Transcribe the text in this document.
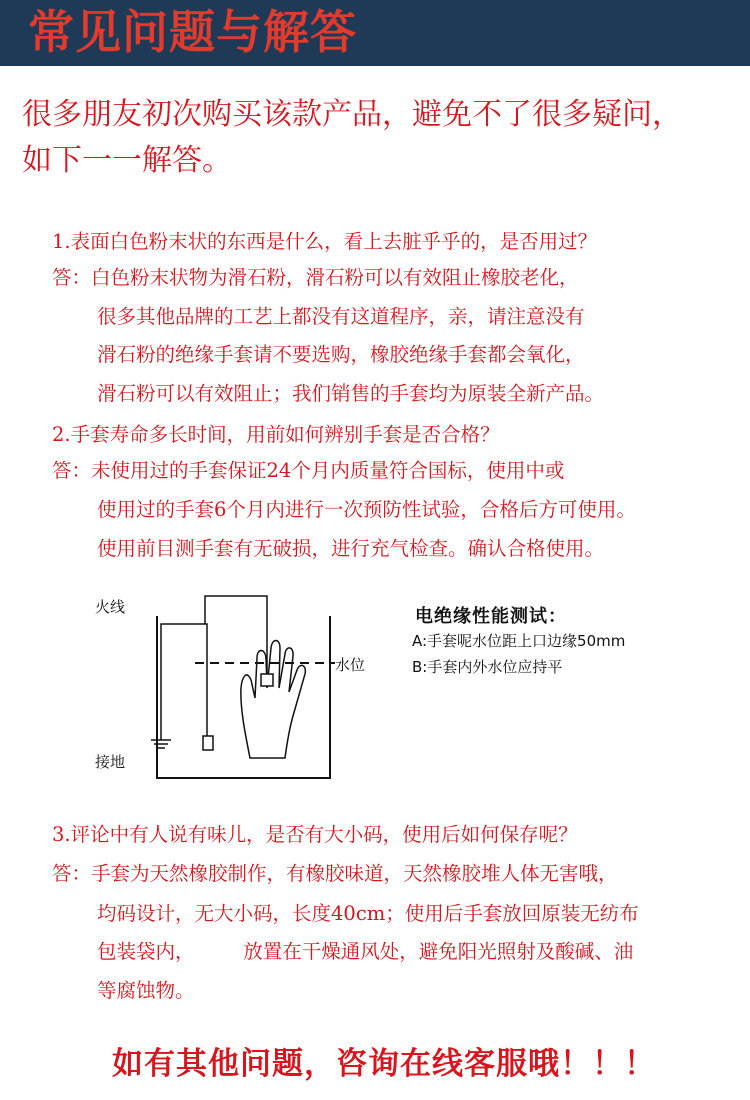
常见问题与解答
很多朋友初次购买该款产品，避免不了很多疑问，
如下一一解答。
1.表面白色粉末状的东西是什么，看上去脏乎乎的，是否用过？
答：白色粉末状物为滑石粉，滑石粉可以有效阻止橡胶老化，
很多其他品牌的工艺上都没有这道程序，亲，请注意没有
滑石粉的绝缘手套请不要选购，橡胶绝缘手套都会氧化，
滑石粉可以有效阻止；我们销售的手套均为原装全新产品。
2.手套寿命多长时间，用前如何辨别手套是否合格？
答：未使用过的手套保证24个月内质量符合国标，使用中或
使用过的手套6个月内进行一次预防性试验，合格后方可使用。
使用前目测手套有无破损，进行充气检查。确认合格使用。
火线
接地
水位
电绝缘性能测试：
A:手套呢水位距上口边缘50mm
B:手套内外水位应持平
3.评论中有人说有味儿，是否有大小码，使用后如何保存呢？
答：手套为天然橡胶制作，有橡胶味道，天然橡胶堆人体无害哦，
均码设计，无大小码，长度40cm；使用后手套放回原装无纺布
包装袋内，　　　放置在干燥通风处，避免阳光照射及酸碱、油
等腐蚀物。
如有其他问题，咨询在线客服哦！！！
